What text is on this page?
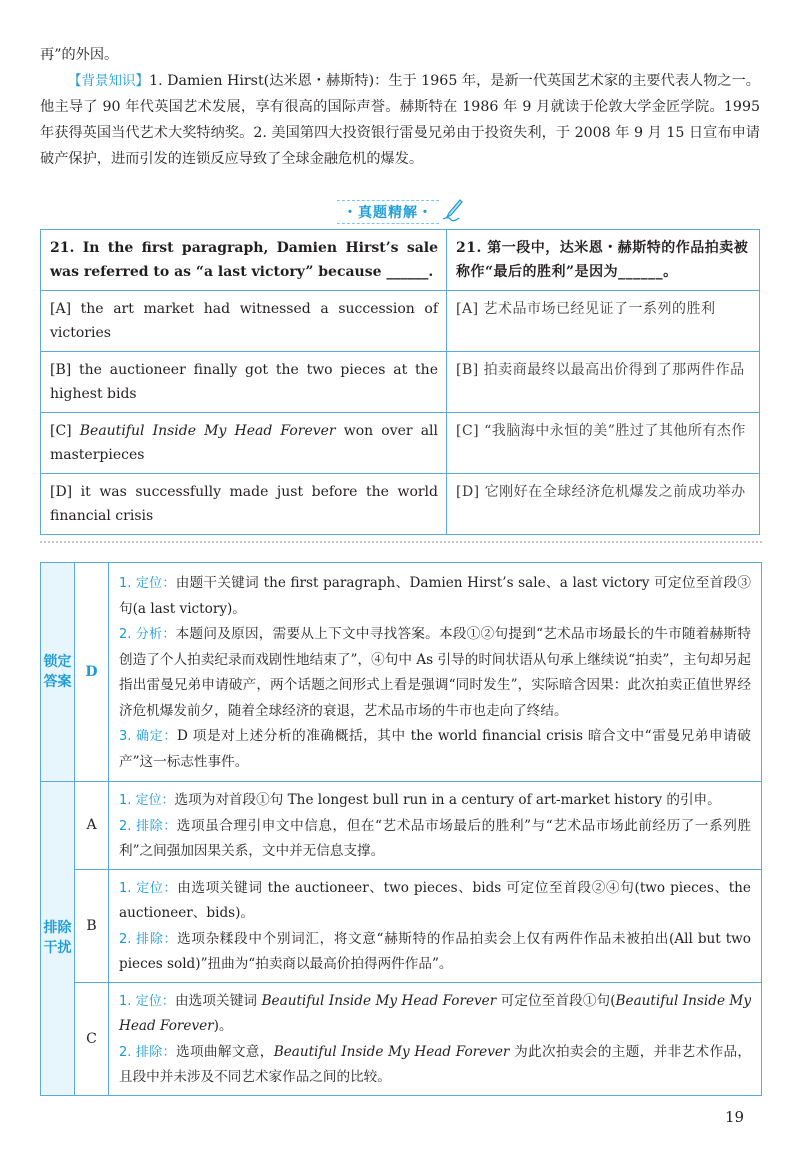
再”的外因。

【背景知识】1. Damien Hirst(达米恩・赫斯特)：生于 1965 年，是新一代英国艺术家的主要代表人物之一。他主导了 90 年代英国艺术发展，享有很高的国际声誉。赫斯特在 1986 年 9 月就读于伦敦大学金匠学院。1995 年获得英国当代艺术大奖特纳奖。2. 美国第四大投资银行雷曼兄弟由于投资失利，于 2008 年 9 月 15 日宣布申请破产保护，进而引发的连锁反应导致了全球金融危机的爆发。

・真题精解・
21. In the first paragraph, Damien Hirst’s sale was referred to as “a last victory” because ______.	21. 第一段中，达米恩・赫斯特的作品拍卖被称作“最后的胜利”是因为______。
[A] the art market had witnessed a succession of victories	[A] 艺术品市场已经见证了一系列的胜利
[B] the auctioneer finally got the two pieces at the highest bids	[B] 拍卖商最终以最高出价得到了那两件作品
[C] Beautiful Inside My Head Forever won over all masterpieces	[C] “我脑海中永恒的美”胜过了其他所有杰作
[D] it was successfully made just before the world financial crisis	[D] 它刚好在全球经济危机爆发之前成功举办
锁定答案	D	1. 定位：由题干关键词 the first paragraph、Damien Hirst’s sale、a last victory 可定位至首段③句(a last victory)。

2. 分析：本题问及原因，需要从上下文中寻找答案。本段①②句提到“艺术品市场最长的牛市随着赫斯特创造了个人拍卖纪录而戏剧性地结束了”，④句中 As 引导的时间状语从句承上继续说“拍卖”，主句却另起指出雷曼兄弟申请破产，两个话题之间形式上看是强调“同时发生”，实际暗含因果：此次拍卖正值世界经济危机爆发前夕，随着全球经济的衰退，艺术品市场的牛市也走向了终结。

3. 确定：D 项是对上述分析的准确概括，其中 the world financial crisis 暗合文中“雷曼兄弟申请破产”这一标志性事件。

排除干扰	A	1. 定位：选项为对首段①句 The longest bull run in a century of art-market history 的引申。

2. 排除：选项虽合理引申文中信息，但在“艺术品市场最后的胜利”与“艺术品市场此前经历了一系列胜利”之间强加因果关系，文中并无信息支撑。

	B	1. 定位：由选项关键词 the auctioneer、two pieces、bids 可定位至首段②④句(two pieces、the auctioneer、bids)。

2. 排除：选项杂糅段中个别词汇，将文意“赫斯特的作品拍卖会上仅有两件作品未被拍出(All but two pieces sold)”扭曲为“拍卖商以最高价拍得两件作品”。

	C	1. 定位：由选项关键词 Beautiful Inside My Head Forever 可定位至首段①句(Beautiful Inside My Head Forever)。

2. 排除：选项曲解文意，Beautiful Inside My Head Forever 为此次拍卖会的主题，并非艺术作品，且段中并未涉及不同艺术家作品之间的比较。

19
